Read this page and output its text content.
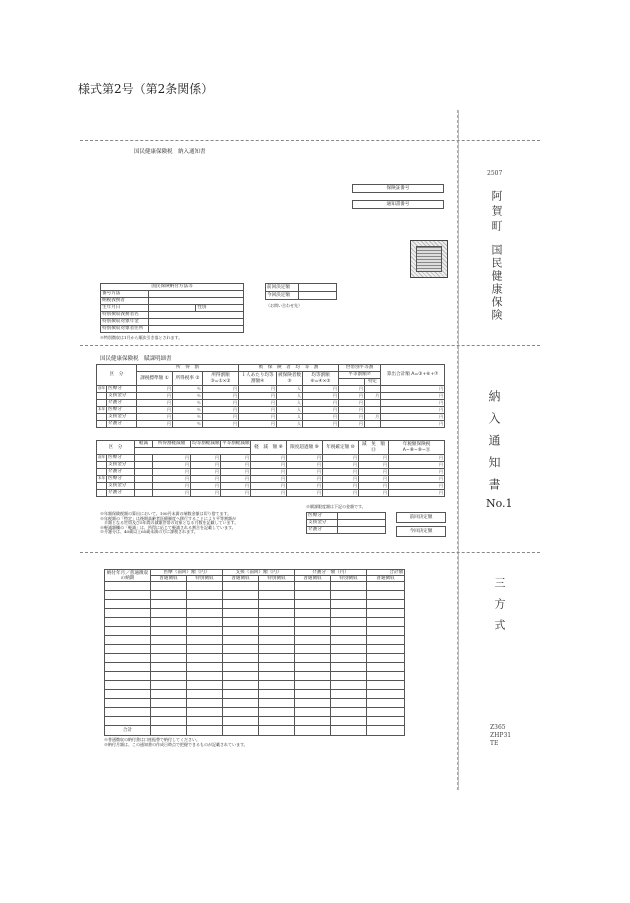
様式第2号（第2条関係）
国民健康保険税　納入通知書
保険証番号

通知書番号
国民保険納付方法等		
番号方法		
納税義務者		
生年月日		性別
特別徴収義務者名		
特別徴収対象年金		
特別徴収対象者住所		
※特別徴収は1月から順次引き落とされます。
前回決定額	
今回決定額	
（お問い合わせ先）
国民健康保険税　賦課明細書
区　分		所　得　割			被　保　険　者　均　等　割			世帯別平等割		算出合計額 A=③+⑥+⑦
		課税標準額 ①	所得税率 ②	所得割額 ③=①×②	１人あたり均等割額④	被保険者数 ⑤	均等割額 ⑥=④×⑤	平等割額⑦		
									特定	
前年	医療分	円	％	円	円	人	円	円		円
	支援金分	円	％	円	円	人	円	円	月	円
	介護分	円	％	円	円	人	円	円		円
本年	医療分	円	％	円	円	人	円	円		円
	支援金分	円	％	円	円	人	円	円	月	円
	介護分	円	％	円	円	人	円	円		円
区　分		軽減	所得割軽減額	均等割軽減額	平等割軽減額	軽　減　額 ⑧	限度超過額 ⑨	年税確定額 ⑩	減　免　額 ⑪	年税額保険税 A−⑧−⑨−⑪

前年	医療分		円	円	円	円	円	円	円	円
	支援金分		円	円	円	円	円	円	円	円
	介護分		円	円	円	円	円	円	円	円
本年	医療分		円	円	円	円	円	円	円	円
	支援金分		円	円	円	円	円	円	円	円
	介護分		円	円	円	円	円	円	円	円
※年額保険税額の算出において、100円未満の端数金額は切り捨てます。
※年税額の「特定」は後期高齢者医療制度へ移行することにより平等割額が
　半額となる世帯及び5年間の減額世帯の対象となる月数を記載しています。
※軽減額欄の「軽減」は、所得に応じて軽減される割合を記載しています。
※介護分は、40歳以上65歳未満の方に課税されます。
※賦課限度額は下記の金額です。
医療分	
支援金分	
介護分	
前回決定額

今回決定額
納付年月／普通徴収の納期	医療（前回）額（円）		支援（前回）額（円）		介護分　額（円）		合計額
	普通徴収	特別徴収	普通徴収	特別徴収	普通徴収	特別徴収	普通徴収

合計							
※普通徴収の納付書は口座振替で納付してください。
※納付月額は、この通知書の作成日時点で把握できるものが記載されています。
2507
阿賀町
国民健康保険
納入通知書
No.1
三方式
Z365
ZHP31
TE
